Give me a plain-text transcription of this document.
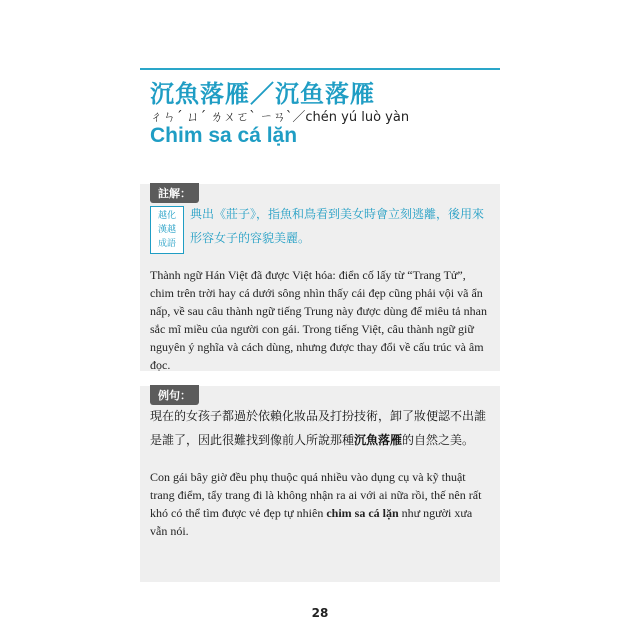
沉魚落雁／沉鱼落雁
ㄔㄣˊ ㄩˊ ㄌㄨㄛˋ ㄧㄢˋ／chén yú luò yàn
Chim sa cá lặn
註解：
越化
漢越
成語
典出《莊子》，指魚和鳥看到美女時會立刻逃離，後用來形容女子的容貌美麗。
Thành ngữ Hán Việt đã được Việt hóa: điển cố lấy từ “Trang Tử”, chim trên trời hay cá dưới sông nhìn thấy cái đẹp cũng phải vội vã ẩn nấp, về sau câu thành ngữ tiếng Trung này được dùng để miêu tả nhan sắc mĩ miều của người con gái. Trong tiếng Việt, câu thành ngữ giữ nguyên ý nghĩa và cách dùng, nhưng được thay đổi về cấu trúc và âm đọc.
例句：
現在的女孩子都過於依賴化妝品及打扮技術，卸了妝便認不出誰是誰了，因此很難找到像前人所說那種沉魚落雁的自然之美。
Con gái bây giờ đều phụ thuộc quá nhiều vào dụng cụ và kỹ thuật trang điểm, tẩy trang đi là không nhận ra ai với ai nữa rồi, thế nên rất khó có thể tìm được vẻ đẹp tự nhiên chim sa cá lặn như người xưa vẫn nói.
28
